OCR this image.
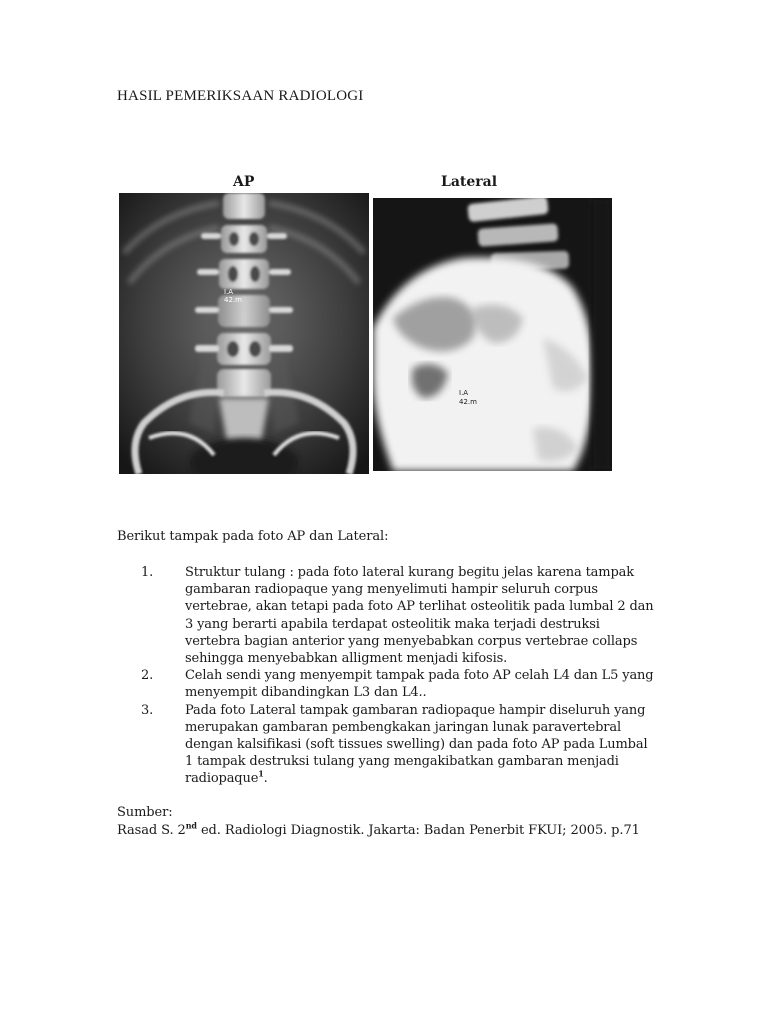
HASIL PEMERIKSAAN RADIOLOGI
AP	Lateral
I.A
42.m
I.A
42.m
Berikut tampak pada foto AP dan Lateral:
1. Struktur tulang : pada foto lateral kurang begitu jelas karena tampak gambaran radiopaque yang menyelimuti hampir seluruh corpus vertebrae, akan tetapi pada foto AP terlihat osteolitik pada lumbal 2 dan 3 yang berarti apabila terdapat osteolitik maka terjadi destruksi vertebra bagian anterior yang menyebabkan corpus vertebrae collaps sehingga menyebabkan alligment menjadi kifosis.
2. Celah sendi yang menyempit tampak pada foto AP celah L4 dan L5 yang menyempit dibandingkan L3 dan L4..
3. Pada foto Lateral tampak gambaran radiopaque hampir diseluruh yang merupakan gambaran pembengkakan jaringan lunak paravertebral dengan kalsifikasi (soft tissues swelling) dan pada foto AP pada Lumbal 1 tampak destruksi tulang yang mengakibatkan gambaran menjadi radiopaque$^1$.
Sumber:
Rasad S. 2nd ed. Radiologi Diagnostik. Jakarta: Badan Penerbit FKUI; 2005. p.71
